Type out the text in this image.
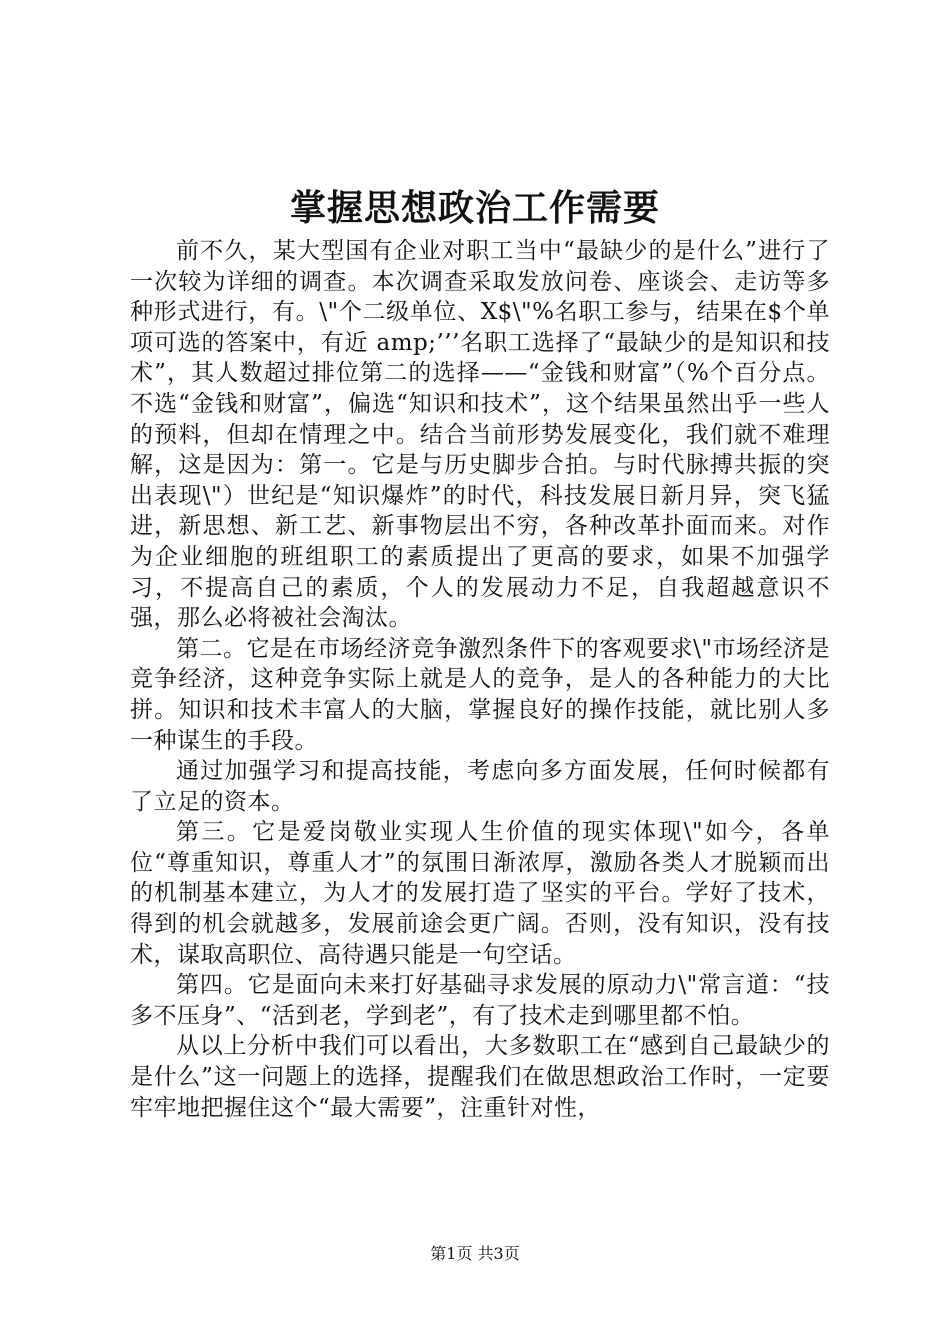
掌握思想政治工作需要

前不久，某大型国有企业对职工当中“最缺少的是什么”进行了一次较为详细的调查。本次调查采取发放问卷、座谈会、走访等多种形式进行，有。\"个二级单位、X$\"%名职工参与，结果在$个单项可选的答案中，有近 amp;’’’名职工选择了“最缺少的是知识和技术”，其人数超过排位第二的选择——“金钱和财富”（%个百分点。不选“金钱和财富”，偏选“知识和技术”，这个结果虽然出乎一些人的预料，但却在情理之中。结合当前形势发展变化，我们就不难理解，这是因为：第一。它是与历史脚步合拍。与时代脉搏共振的突出表现\"）世纪是“知识爆炸”的时代，科技发展日新月异，突飞猛进，新思想、新工艺、新事物层出不穷，各种改革扑面而来。对作为企业细胞的班组职工的素质提出了更高的要求，如果不加强学习，不提高自己的素质，个人的发展动力不足，自我超越意识不强，那么必将被社会淘汰。

第二。它是在市场经济竞争激烈条件下的客观要求\"市场经济是竞争经济，这种竞争实际上就是人的竞争，是人的各种能力的大比拼。知识和技术丰富人的大脑，掌握良好的操作技能，就比别人多一种谋生的手段。

通过加强学习和提高技能，考虑向多方面发展，任何时候都有了立足的资本。

第三。它是爱岗敬业实现人生价值的现实体现\"如今，各单位“尊重知识，尊重人才”的氛围日渐浓厚，激励各类人才脱颖而出的机制基本建立，为人才的发展打造了坚实的平台。学好了技术，得到的机会就越多，发展前途会更广阔。否则，没有知识，没有技术，谋取高职位、高待遇只能是一句空话。

第四。它是面向未来打好基础寻求发展的原动力\"常言道：“技多不压身”、“活到老，学到老”，有了技术走到哪里都不怕。

从以上分析中我们可以看出，大多数职工在“感到自己最缺少的是什么”这一问题上的选择，提醒我们在做思想政治工作时，一定要牢牢地把握住这个“最大需要”，注重针对性，

第1页 共3页
